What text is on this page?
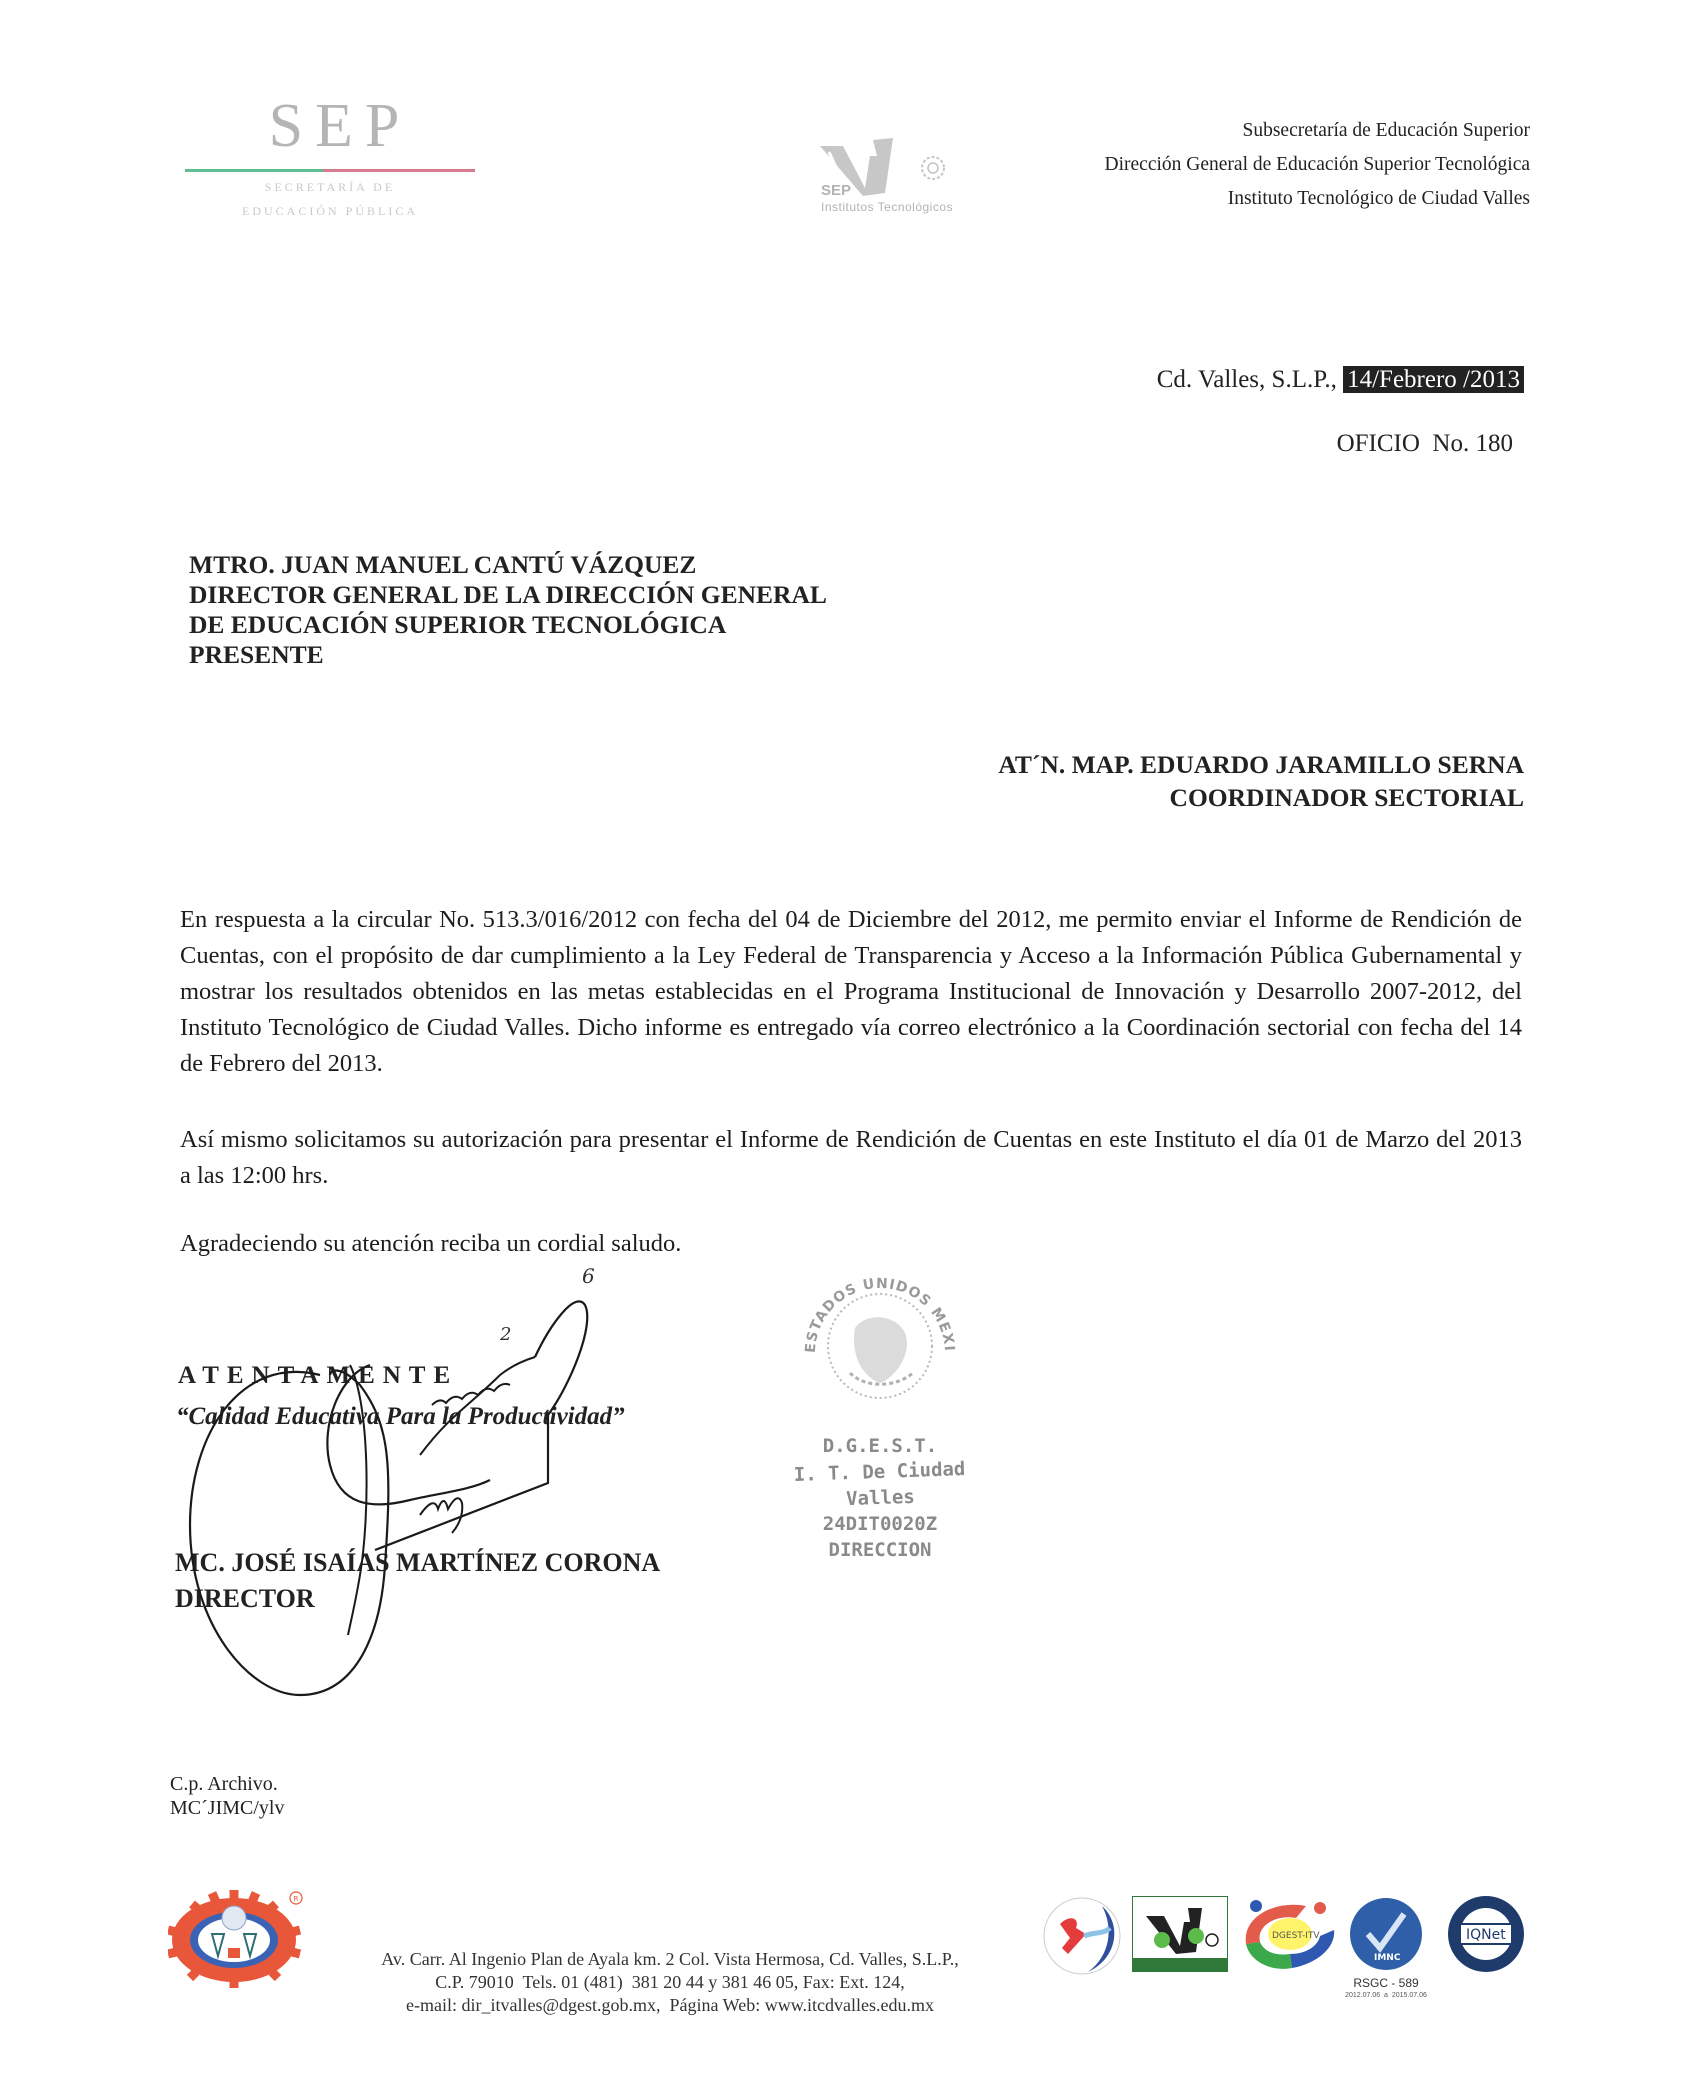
SEP
SECRETARÍA DE
EDUCACIÓN PÚBLICA
SEP
Institutos Tecnológicos
Subsecretaría de Educación Superior
Dirección General de Educación Superior Tecnológica
Instituto Tecnológico de Ciudad Valles
Cd. Valles, S.L.P., 14/Febrero /2013
OFICIO  No. 180
MTRO. JUAN MANUEL CANTÚ VÁZQUEZ
DIRECTOR GENERAL DE LA DIRECCIÓN GENERAL
DE EDUCACIÓN SUPERIOR TECNOLÓGICA
PRESENTE
AT´N. MAP. EDUARDO JARAMILLO SERNA
COORDINADOR SECTORIAL

En respuesta a la circular No. 513.3/016/2012 con fecha del 04 de Diciembre del 2012, me permito enviar el Informe de Rendición de Cuentas, con el propósito de dar cumplimiento a la Ley Federal de Transparencia y Acceso a la Información Pública Gubernamental y mostrar los resultados obtenidos en las metas establecidas en el Programa Institucional de Innovación y Desarrollo 2007-2012, del Instituto Tecnológico de Ciudad Valles. Dicho informe es entregado vía correo electrónico a la Coordinación sectorial con fecha del 14 de Febrero del 2013.

Así mismo solicitamos su autorización para presentar el Informe de Rendición de Cuentas en este Instituto el día 01 de Marzo del 2013 a las 12:00 hrs.

Agradeciendo su atención reciba un cordial saludo.

ATENTAMENTE
“Calidad Educativa Para la Productividad”
MC. JOSÉ ISAÍAS MARTÍNEZ CORONA
DIRECTOR
6
2
ESTADOS UNIDOS MEXI
D.G.E.S.T.
I. T. De Ciudad Valles
24DIT0020Z
DIRECCION
C.p. Archivo.
MC´JIMC/ylv
R
Av. Carr. Al Ingenio Plan de Ayala km. 2 Col. Vista Hermosa, Cd. Valles, S.L.P.,
C.P. 79010  Tels. 01 (481)  381 20 44 y 381 46 05, Fax: Ext. 124,
e-mail: dir_itvalles@dgest.gob.mx,  Página Web: www.itcdvalles.edu.mx
DGEST-ITV
IMNC
RSGC - 589
2012.07.06  a  2015.07.06
IQNet
